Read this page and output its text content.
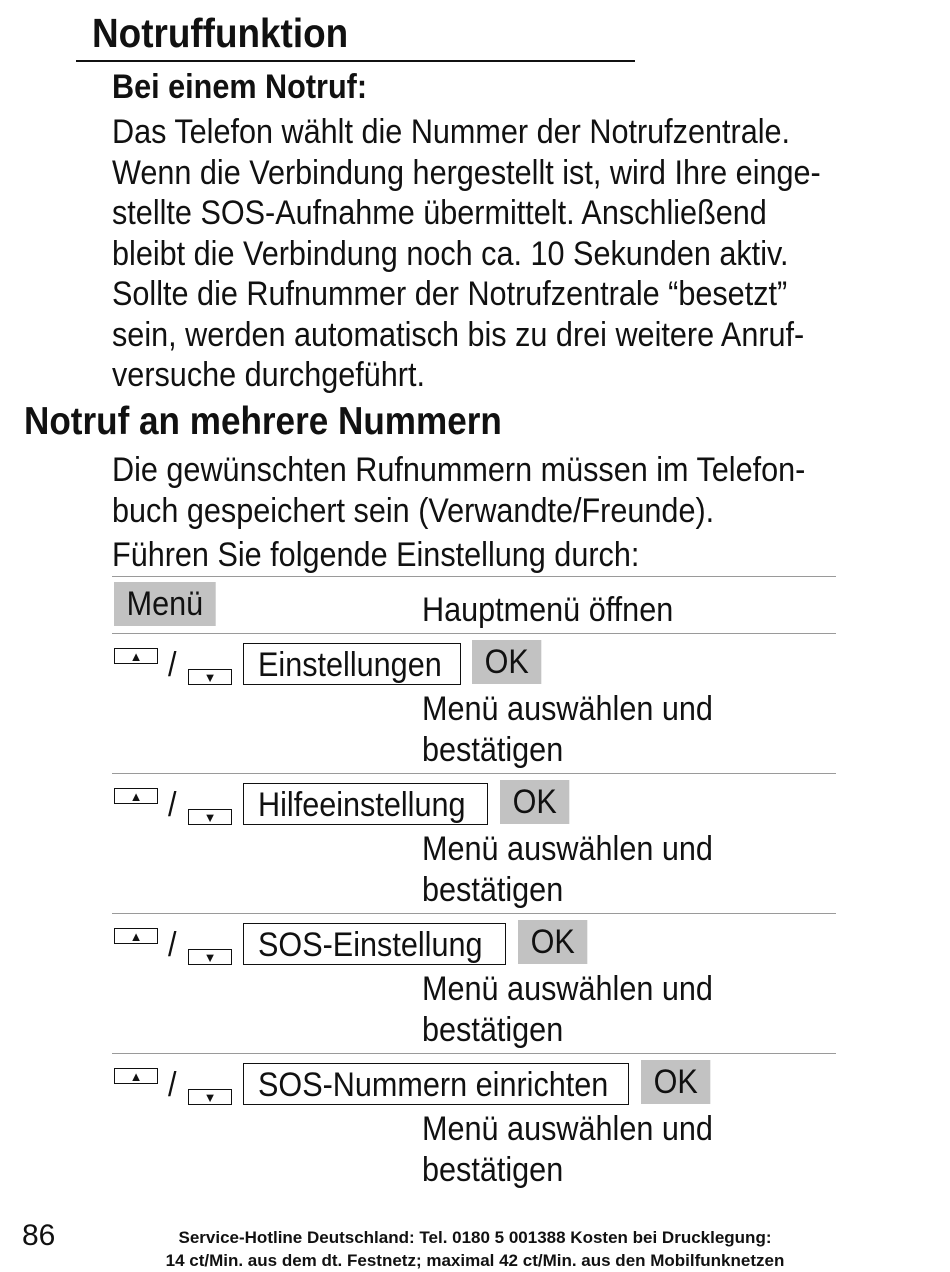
Notruffunktion
Bei einem Notruf:
Das Telefon wählt die Nummer der Notrufzentrale.
Wenn die Verbindung hergestellt ist, wird Ihre einge-
stellte SOS-Aufnahme übermittelt. Anschließend
bleibt die Verbindung noch ca. 10 Sekunden aktiv.
Sollte die Rufnummer der Notrufzentrale “besetzt”
sein, werden automatisch bis zu drei weitere Anruf-
versuche durchgeführt.
Notruf an mehrere Nummern
Die gewünschten Rufnummern müssen im Telefon-
buch gespeichert sein (Verwandte/Freunde).
Führen Sie folgende Einstellung durch:
Menü	Hauptmenü öffnen
▲ /	▼	Einstellungen	OK
Menü auswählen und
bestätigen
▲ /	▼	Hilfeeinstellung	OK
Menü auswählen und
bestätigen
▲ /	▼	SOS-Einstellung	OK
Menü auswählen und
bestätigen
▲ /	▼	SOS-Nummern einrichten	OK
Menü auswählen und
bestätigen
86	Service-Hotline Deutschland: Tel. 0180 5 001388 Kosten bei Drucklegung:
14 ct/Min. aus dem dt. Festnetz; maximal 42 ct/Min. aus den Mobilfunknetzen
